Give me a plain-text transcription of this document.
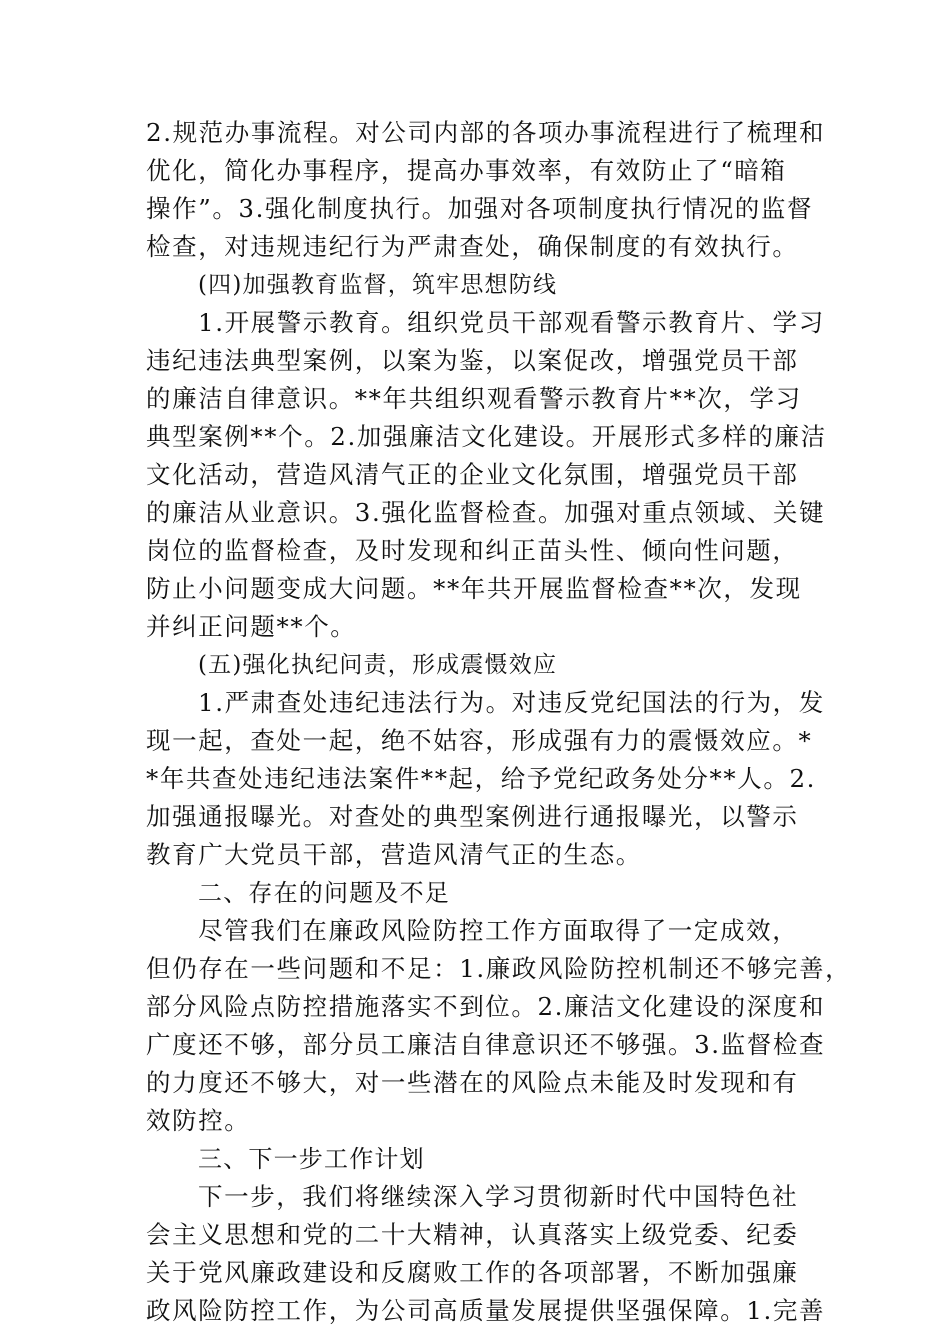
2.规范办事流程。对公司内部的各项办事流程进行了梳理和
优化，简化办事程序，提高办事效率，有效防止了“暗箱
操作”。3.强化制度执行。加强对各项制度执行情况的监督
检查，对违规违纪行为严肃查处，确保制度的有效执行。
(四)加强教育监督，筑牢思想防线
1.开展警示教育。组织党员干部观看警示教育片、学习
违纪违法典型案例，以案为鉴，以案促改，增强党员干部
的廉洁自律意识。**年共组织观看警示教育片**次，学习
典型案例**个。2.加强廉洁文化建设。开展形式多样的廉洁
文化活动，营造风清气正的企业文化氛围，增强党员干部
的廉洁从业意识。3.强化监督检查。加强对重点领域、关键
岗位的监督检查，及时发现和纠正苗头性、倾向性问题，
防止小问题变成大问题。**年共开展监督检查**次，发现
并纠正问题**个。
(五)强化执纪问责，形成震慑效应
1.严肃查处违纪违法行为。对违反党纪国法的行为，发
现一起，查处一起，绝不姑容，形成强有力的震慑效应。*
*年共查处违纪违法案件**起，给予党纪政务处分**人。2.
加强通报曝光。对查处的典型案例进行通报曝光，以警示
教育广大党员干部，营造风清气正的生态。
二、存在的问题及不足
尽管我们在廉政风险防控工作方面取得了一定成效，
但仍存在一些问题和不足：1.廉政风险防控机制还不够完善，
部分风险点防控措施落实不到位。2.廉洁文化建设的深度和
广度还不够，部分员工廉洁自律意识还不够强。3.监督检查
的力度还不够大，对一些潜在的风险点未能及时发现和有
效防控。
三、下一步工作计划
下一步，我们将继续深入学习贯彻新时代中国特色社
会主义思想和党的二十大精神，认真落实上级党委、纪委
关于党风廉政建设和反腐败工作的各项部署，不断加强廉
政风险防控工作，为公司高质量发展提供坚强保障。1.完善
